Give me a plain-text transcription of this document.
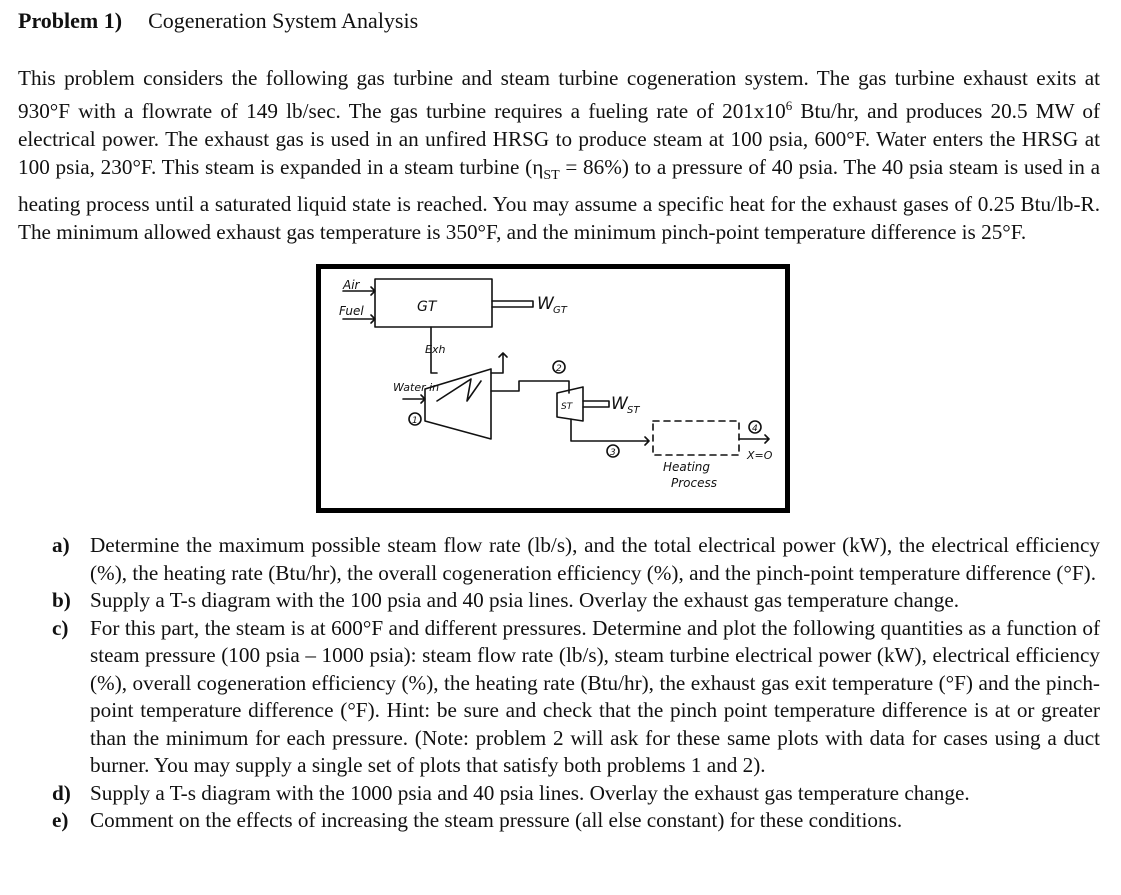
Problem 1) Cogeneration System Analysis

This problem considers the following gas turbine and steam turbine cogeneration system. The gas turbine exhaust exits at 930°F with a flowrate of 149 lb/sec. The gas turbine requires a fueling rate of $201x10^6$ Btu/hr, and produces 20.5 MW of electrical power. The exhaust gas is used in an unfired HRSG to produce steam at 100 psia, 600°F. Water enters the HRSG at 100 psia, 230°F. This steam is expanded in a steam turbine $(\eta_{ST} = 86\%)$ to a pressure of 40 psia. The 40 psia steam is used in a heating process until a saturated liquid state is reached. You may assume a specific heat for the exhaust gases of 0.25 Btu/lb-R. The minimum allowed exhaust gas temperature is 350°F, and the minimum pinch-point temperature difference is 25°F.

Air
Fuel	GT	W GT
Exh
Water in
1
2
ST W ST
3
4
X=O
Heating
Process
a) Determine the maximum possible steam flow rate (lb/s), and the total electrical power (kW), the electrical efficiency (%), the heating rate (Btu/hr), the overall cogeneration efficiency (%), and the pinch-point temperature difference (°F).
b) Supply a T-s diagram with the 100 psia and 40 psia lines. Overlay the exhaust gas temperature change.
c) For this part, the steam is at 600°F and different pressures. Determine and plot the following quantities as a function of steam pressure (100 psia – 1000 psia): steam flow rate (lb/s), steam turbine electrical power (kW), electrical efficiency (%), overall cogeneration efficiency (%), the heating rate (Btu/hr), the exhaust gas exit temperature (°F) and the pinch-point temperature difference (°F). Hint: be sure and check that the pinch point temperature difference is at or greater than the minimum for each pressure. (Note: problem 2 will ask for these same plots with data for cases using a duct burner. You may supply a single set of plots that satisfy both problems 1 and 2).
d) Supply a T-s diagram with the 1000 psia and 40 psia lines. Overlay the exhaust gas temperature change.
e) Comment on the effects of increasing the steam pressure (all else constant) for these conditions.
